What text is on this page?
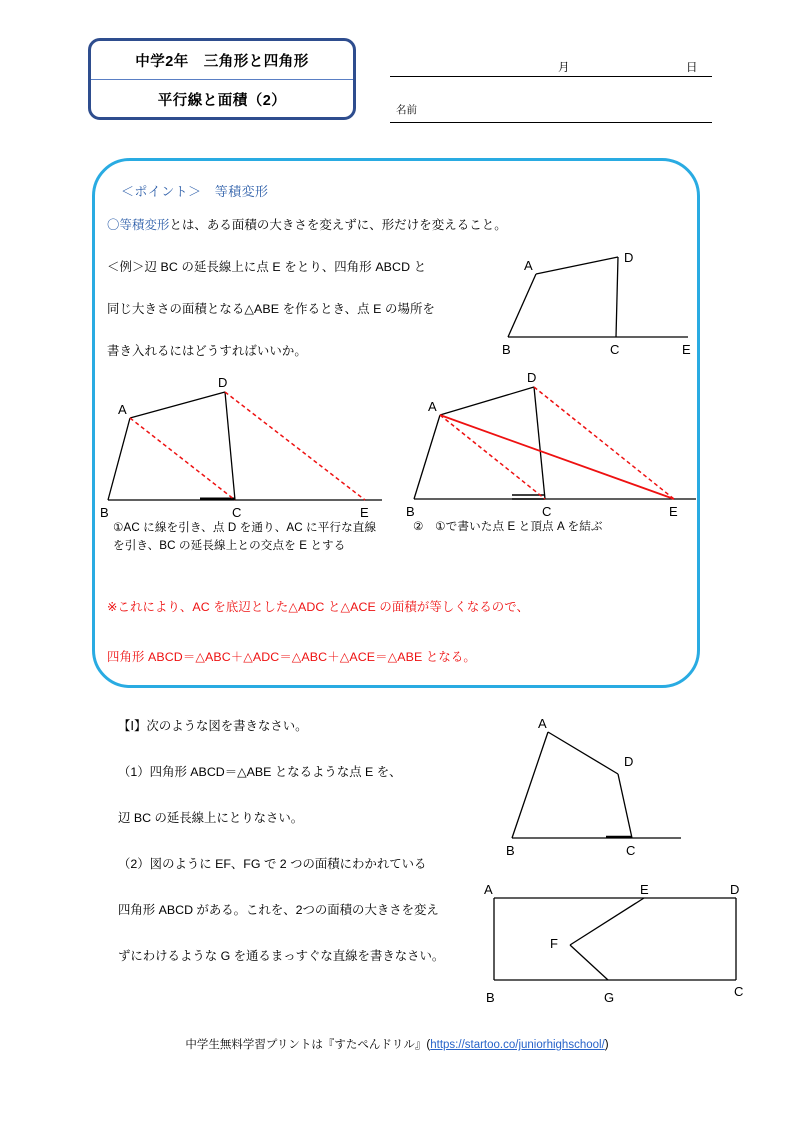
中学2年　三角形と四角形
平行線と面積（2）
月	日
名前
＜ポイント＞　等積変形
〇等積変形とは、ある面積の大きさを変えずに、形だけを変えること。
＜例＞辺 BC の延長線上に点 E をとり、四角形 ABCD と
同じ大きさの面積となる△ABE を作るとき、点 E の場所を
書き入れるにはどうすればいいか。
①AC に線を引き、点 D を通り、AC に平行な直線を引き、BC の延長線上との交点を E とする
②　①で書いた点 E と頂点 A を結ぶ
※これにより、AC を底辺とした△ADC と△ACE の面積が等しくなるので、
四角形 ABCD＝△ABC＋△ADC＝△ABC＋△ACE＝△ABE となる。
A
B	C
D
E
A
B	C
D
E
A
B	C
D
E
【Ⅰ】次のような図を書きなさい。
（1）四角形 ABCD＝△ABE となるような点 E を、
辺 BC の延長線上にとりなさい。
（2）図のように EF、FG で 2 つの面積にわかれている
四角形 ABCD がある。これを、2つの面積の大きさを変え
ずにわけるような G を通るまっすぐな直線を書きなさい。
A
B	C
D
A
B	C
D
E
F
G
中学生無料学習プリントは『すたぺんドリル』(https://startoo.co/juniorhighschool/)
